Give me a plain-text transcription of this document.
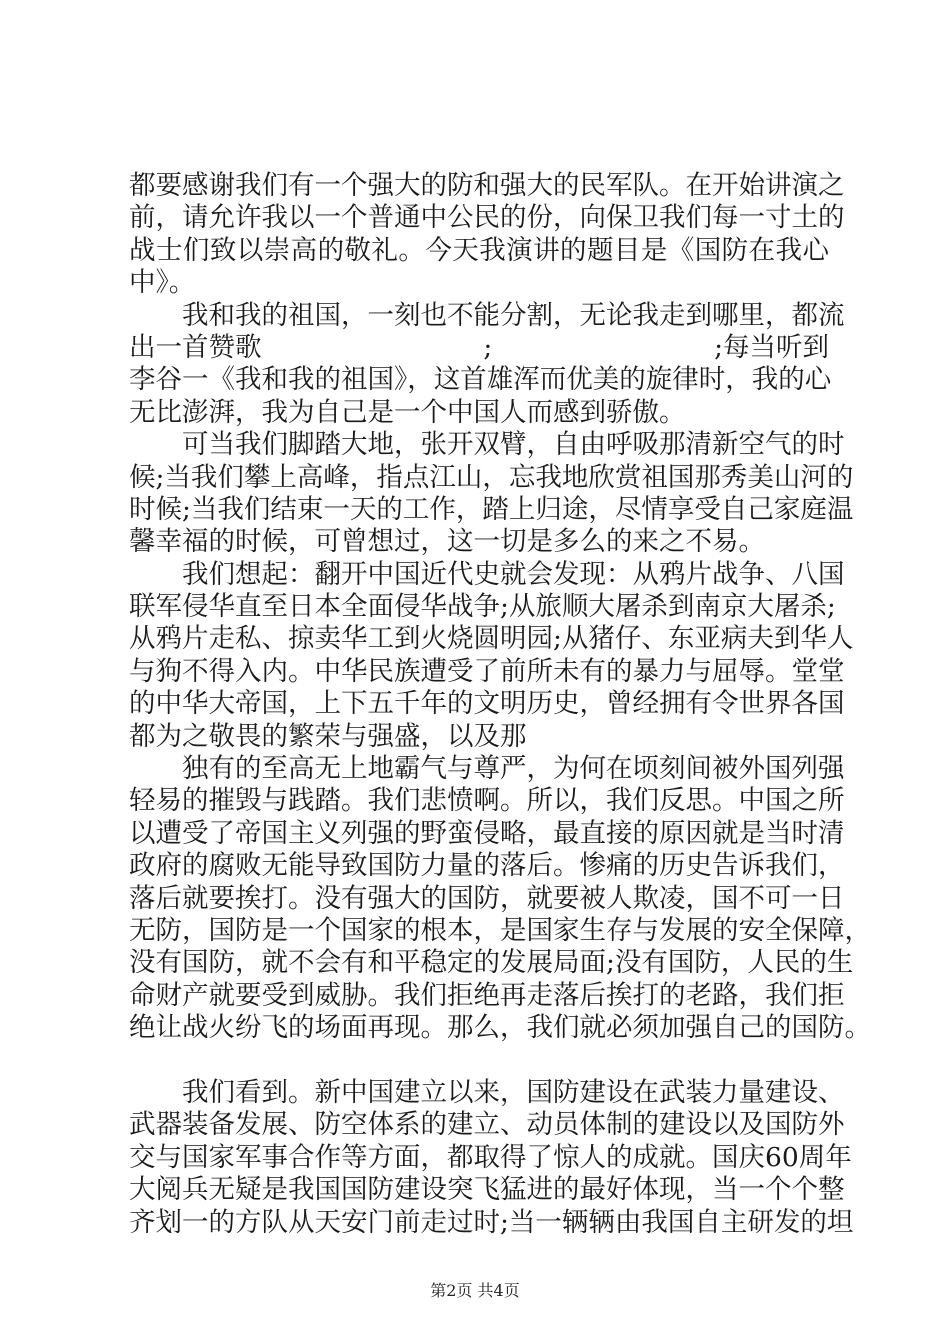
都要感谢我们有一个强大的防和强大的民军队。在开始讲演之
前，请允许我以一个普通中公民的份，向保卫我们每一寸土的
战士们致以崇高的敬礼。今天我演讲的题目是《国防在我心
中》。
我和我的祖国，一刻也不能分割，无论我走到哪里，都流
出一首赞歌	;	;每当听到
李谷一《我和我的祖国》，这首雄浑而优美的旋律时，我的心
无比澎湃，我为自己是一个中国人而感到骄傲。
可当我们脚踏大地，张开双臂，自由呼吸那清新空气的时
候;当我们攀上高峰，指点江山，忘我地欣赏祖国那秀美山河的
时候;当我们结束一天的工作，踏上归途，尽情享受自己家庭温
馨幸福的时候，可曾想过，这一切是多么的来之不易。
我们想起：翻开中国近代史就会发现：从鸦片战争、八国
联军侵华直至日本全面侵华战争;从旅顺大屠杀到南京大屠杀;
从鸦片走私、掠卖华工到火烧圆明园;从猪仔、东亚病夫到华人
与狗不得入内。中华民族遭受了前所未有的暴力与屈辱。堂堂
的中华大帝国，上下五千年的文明历史，曾经拥有令世界各国
都为之敬畏的繁荣与强盛，以及那
独有的至高无上地霸气与尊严，为何在顷刻间被外国列强
轻易的摧毁与践踏。我们悲愤啊。所以，我们反思。中国之所
以遭受了帝国主义列强的野蛮侵略，最直接的原因就是当时清
政府的腐败无能导致国防力量的落后。惨痛的历史告诉我们，
落后就要挨打。没有强大的国防，就要被人欺凌，国不可一日
无防，国防是一个国家的根本，是国家生存与发展的安全保障，
没有国防，就不会有和平稳定的发展局面;没有国防，人民的生
命财产就要受到威胁。我们拒绝再走落后挨打的老路，我们拒
绝让战火纷飞的场面再现。那么，我们就必须加强自己的国防。
我们看到。新中国建立以来，国防建设在武装力量建设、
武器装备发展、防空体系的建立、动员体制的建设以及国防外
交与国家军事合作等方面，都取得了惊人的成就。国庆60周年
大阅兵无疑是我国国防建设突飞猛进的最好体现，当一个个整
齐划一的方队从天安门前走过时;当一辆辆由我国自主研发的坦
第2页 共4页
